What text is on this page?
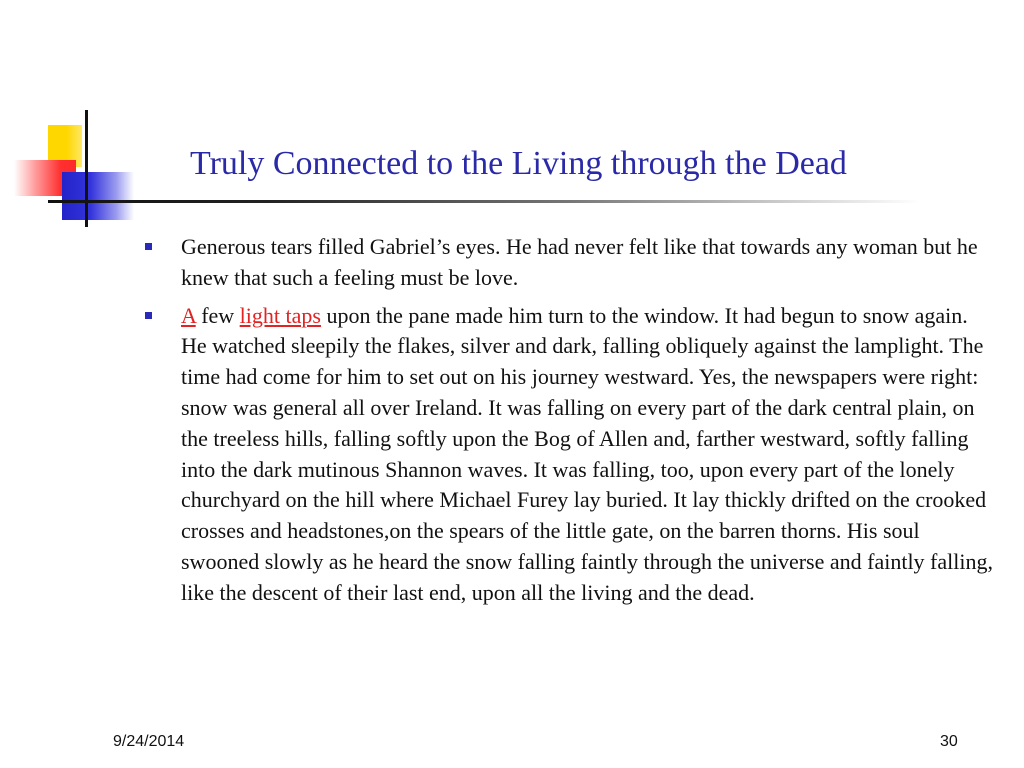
Truly Connected to the Living through the Dead
Generous tears filled Gabriel’s eyes. He had never felt like that towards any woman but he knew that such a feeling must be love.
A few light taps upon the pane made him turn to the window. It had begun to snow again. He watched sleepily the flakes, silver and dark, falling obliquely against the lamplight. The time had come for him to set out on his journey westward. Yes, the newspapers were right: snow was general all over Ireland. It was falling on every part of the dark central plain, on the treeless hills, falling softly upon the Bog of Allen and, farther westward, softly falling into the dark mutinous Shannon waves. It was falling, too, upon every part of the lonely churchyard on the hill where Michael Furey lay buried. It lay thickly drifted on the crooked crosses and headstones,on the spears of the little gate, on the barren thorns. His soul swooned slowly as he heard the snow falling faintly through the universe and faintly falling, like the descent of their last end, upon all the living and the dead.
9/24/2014	30
